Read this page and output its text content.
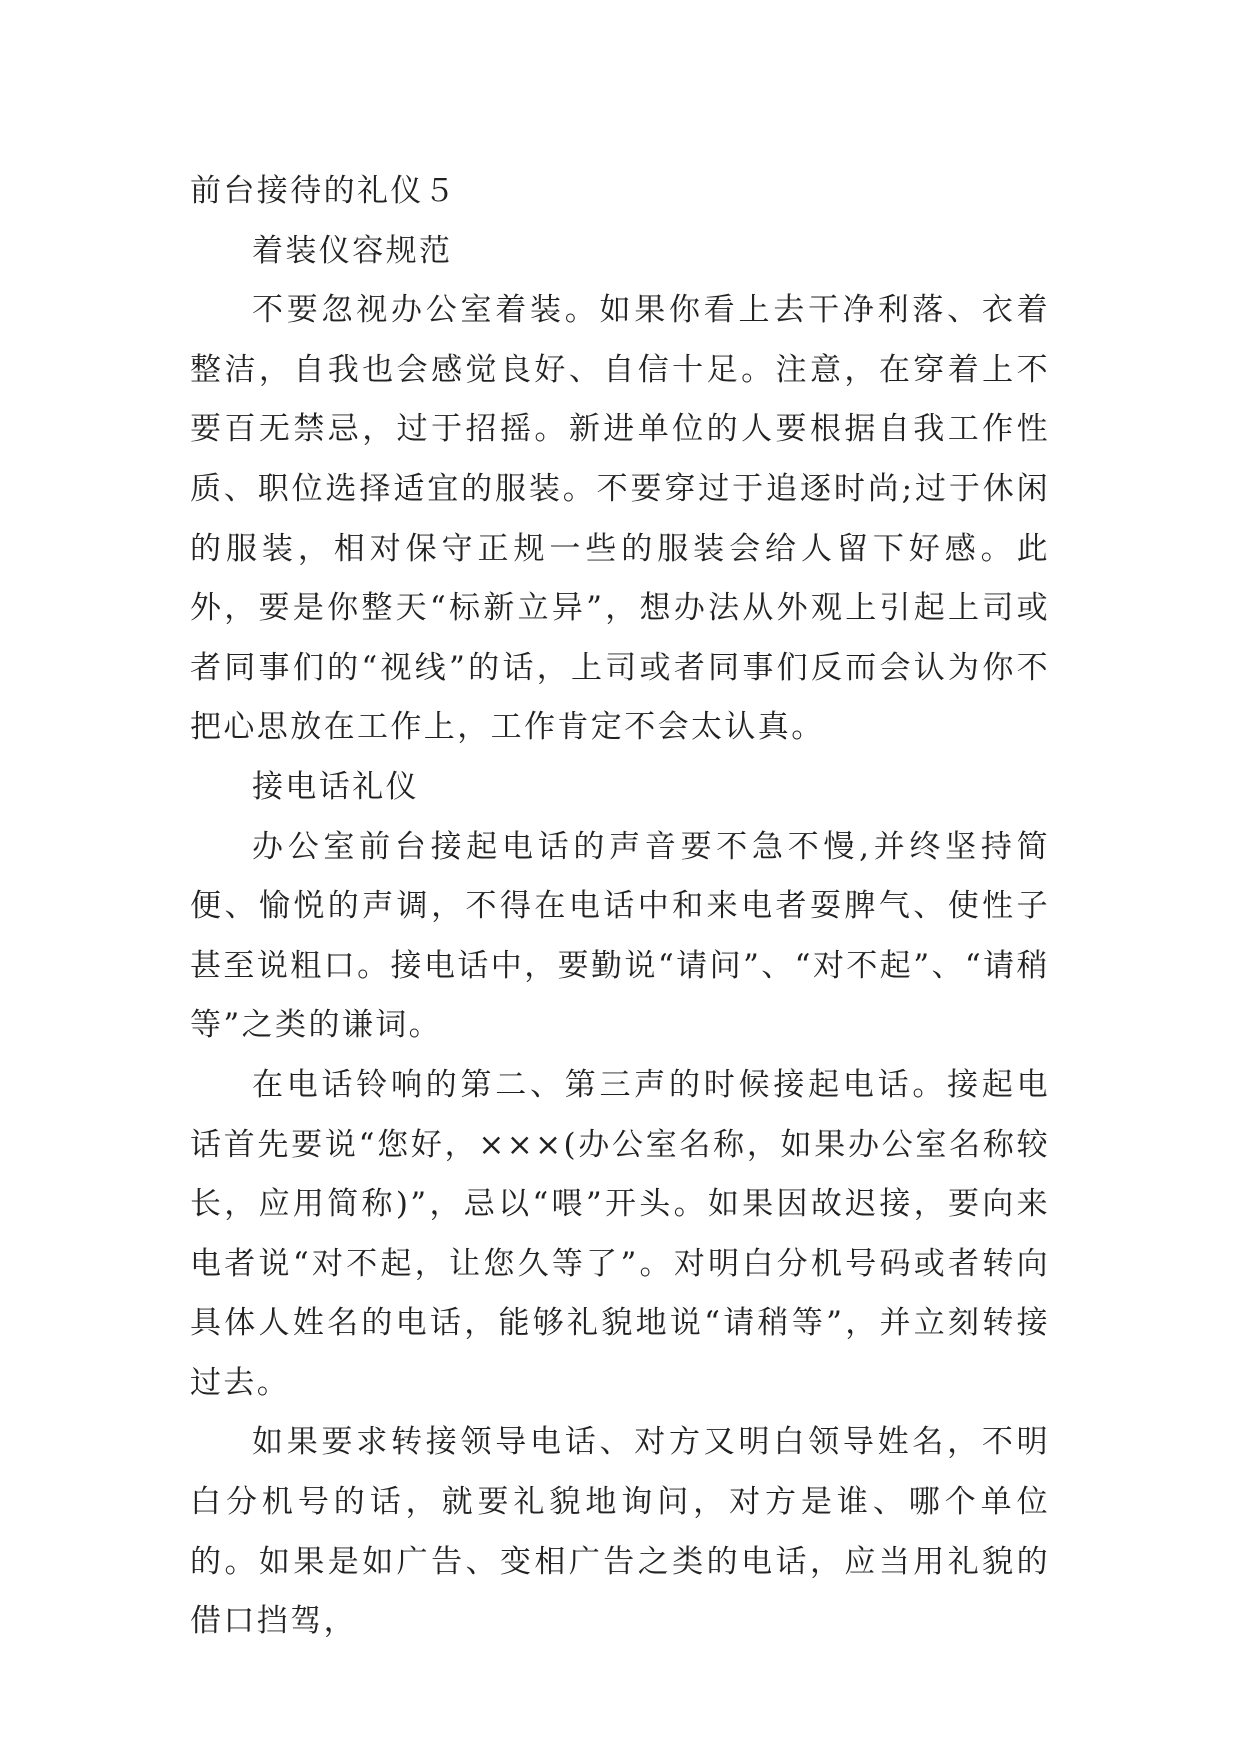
前台接待的礼仪５
着装仪容规范

不要忽视办公室着装。如果你看上去干净利落、衣着整洁，自我也会感觉良好、自信十足。注意，在穿着上不要百无禁忌，过于招摇。新进单位的人要根据自我工作性质、职位选择适宜的服装。不要穿过于追逐时尚;过于休闲的服装，相对保守正规一些的服装会给人留下好感。此外，要是你整天“标新立异”，想办法从外观上引起上司或者同事们的“视线”的话，上司或者同事们反而会认为你不把心思放在工作上，工作肯定不会太认真。

接电话礼仪

办公室前台接起电话的声音要不急不慢,并终坚持简便、愉悦的声调，不得在电话中和来电者耍脾气、使性子甚至说粗口。接电话中，要勤说“请问”、“对不起”、“请稍等”之类的谦词。

在电话铃响的第二、第三声的时候接起电话。接起电话首先要说“您好，×××(办公室名称，如果办公室名称较长，应用简称)”，忌以“喂”开头。如果因故迟接，要向来电者说“对不起，让您久等了”。对明白分机号码或者转向具体人姓名的电话，能够礼貌地说“请稍等”，并立刻转接过去。

如果要求转接领导电话、对方又明白领导姓名，不明白分机号的话，就要礼貌地询问，对方是谁、哪个单位的。如果是如广告、变相广告之类的电话，应当用礼貌的借口挡驾，
